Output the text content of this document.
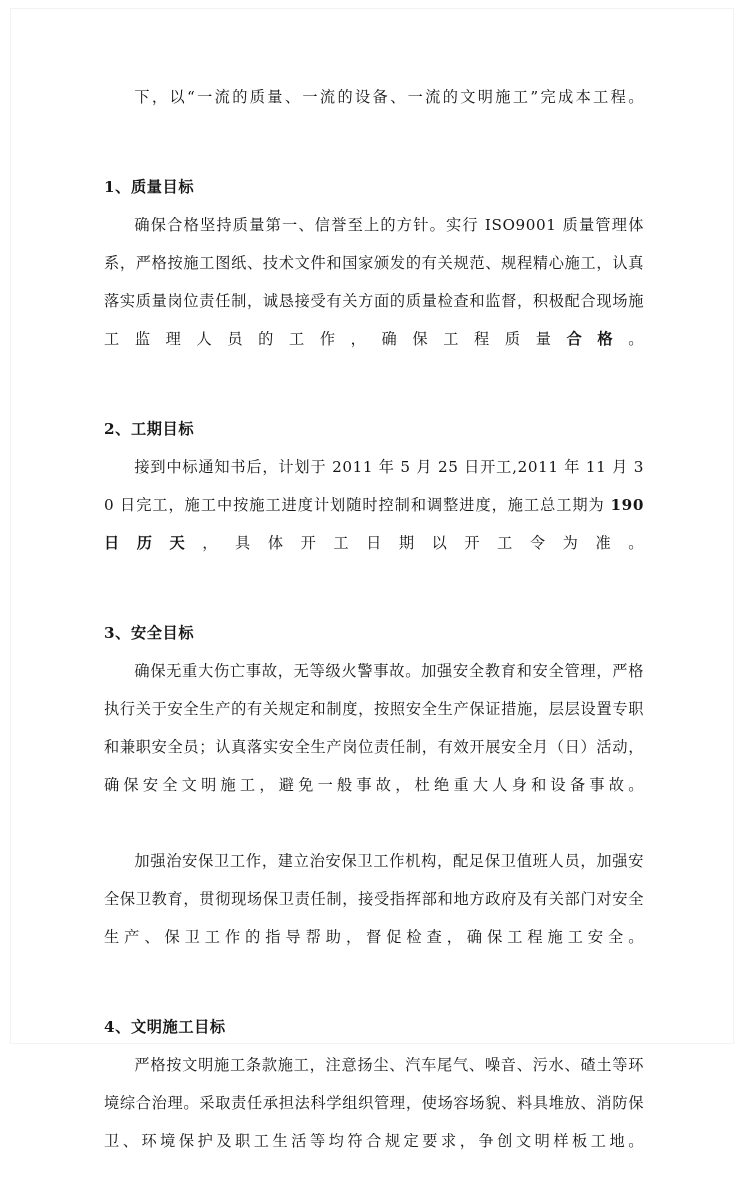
下，以“一流的质量、一流的设备、一流的文明施工”完成本工程。

1、质量目标

确保合格坚持质量第一、信誉至上的方针。实行 ISO9001 质量管理体系，严格按施工图纸、技术文件和国家颁发的有关规范、规程精心施工，认真落实质量岗位责任制，诚恳接受有关方面的质量检查和监督，积极配合现场施工监理人员的工作，确保工程质量合格。

2、工期目标

接到中标通知书后，计划于 2011 年 5 月 25 日开工,2011 年 11 月 30 日完工，施工中按施工进度计划随时控制和调整进度，施工总工期为 190 日历天，具体开工日期以开工令为准。

3、安全目标

确保无重大伤亡事故，无等级火警事故。加强安全教育和安全管理，严格执行关于安全生产的有关规定和制度，按照安全生产保证措施，层层设置专职和兼职安全员；认真落实安全生产岗位责任制，有效开展安全月（日）活动，确保安全文明施工，避免一般事故，杜绝重大人身和设备事故。

加强治安保卫工作，建立治安保卫工作机构，配足保卫值班人员，加强安全保卫教育，贯彻现场保卫责任制，接受指挥部和地方政府及有关部门对安全生产、保卫工作的指导帮助，督促检查，确保工程施工安全。

4、文明施工目标

严格按文明施工条款施工，注意扬尘、汽车尾气、噪音、污水、碴土等环境综合治理。采取责任承担法科学组织管理，使场容场貌、料具堆放、消防保卫、环境保护及职工生活等均符合规定要求，争创文明样板工地。
